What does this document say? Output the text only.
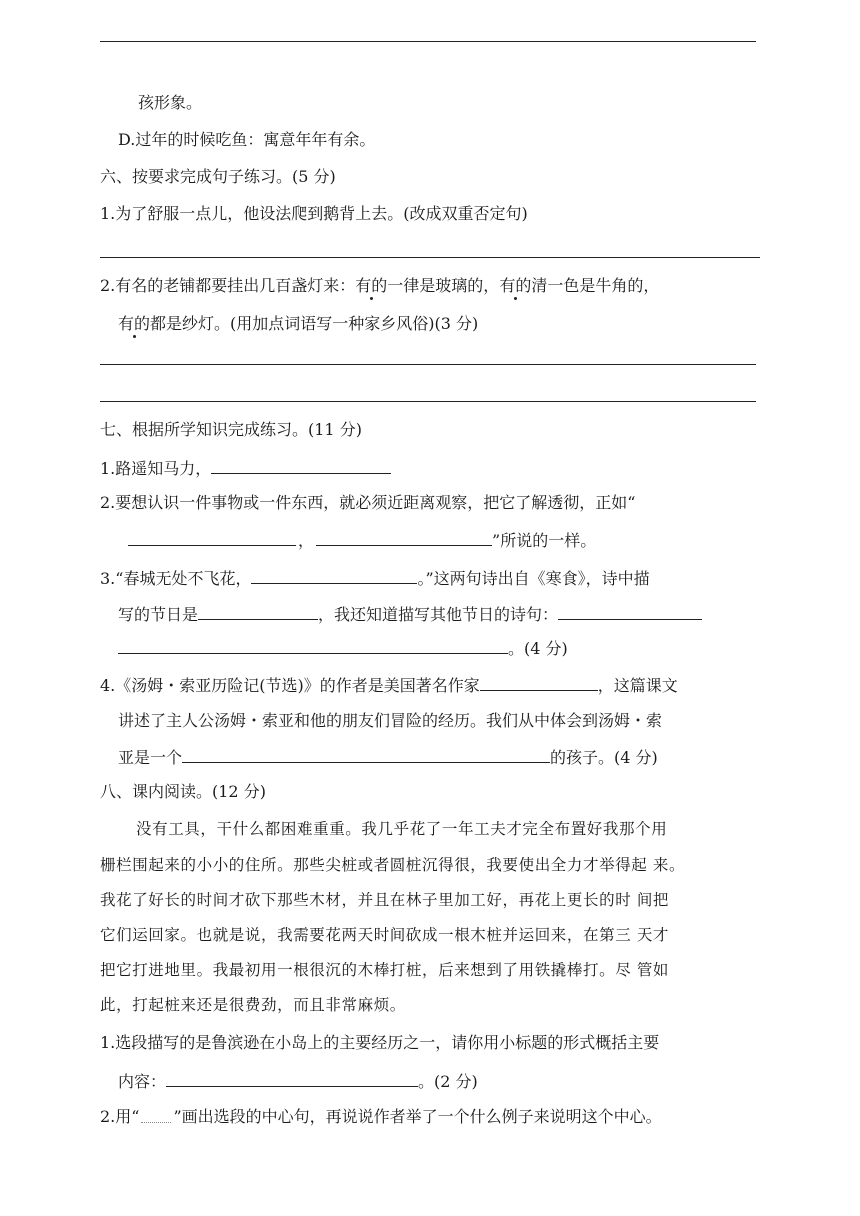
孩形象。
D.过年的时候吃鱼：寓意年年有余。
六、按要求完成句子练习。(5 分)
1.为了舒服一点儿，他设法爬到鹅背上去。(改成双重否定句)
2.有名的老铺都要挂出几百盏灯来：有的一律是玻璃的，有的清一色是牛角的，
有的都是纱灯。(用加点词语写一种家乡风俗)(3 分)
七、根据所学知识完成练习。(11 分)
1.路遥知马力，
2.要想认识一件事物或一件东西，就必须近距离观察，把它了解透彻，正如“
，	”所说的一样。
3.“春城无处不飞花，	。”这两句诗出自《寒食》，诗中描
写的节日是	，我还知道描写其他节日的诗句：
。(4 分)
4.《汤姆・索亚历险记(节选)》的作者是美国著名作家	，这篇课文
讲述了主人公汤姆・索亚和他的朋友们冒险的经历。我们从中体会到汤姆・索
亚是一个	的孩子。(4 分)
八、课内阅读。(12 分)
没有工具，干什么都困难重重。我几乎花了一年工夫才完全布置好我那个用
栅栏围起来的小小的住所。那些尖桩或者圆桩沉得很，我要使出全力才举得起 来。
我花了好长的时间才砍下那些木材，并且在林子里加工好，再花上更长的时 间把
它们运回家。也就是说，我需要花两天时间砍成一根木桩并运回来，在第三 天才
把它打进地里。我最初用一根很沉的木棒打桩，后来想到了用铁撬棒打。尽 管如
此，打起桩来还是很费劲，而且非常麻烦。
1.选段描写的是鲁滨逊在小岛上的主要经历之一，请你用小标题的形式概括主要
内容：	。(2 分)
2.用“ ”画出选段的中心句，再说说作者举了一个什么例子来说明这个中心。
